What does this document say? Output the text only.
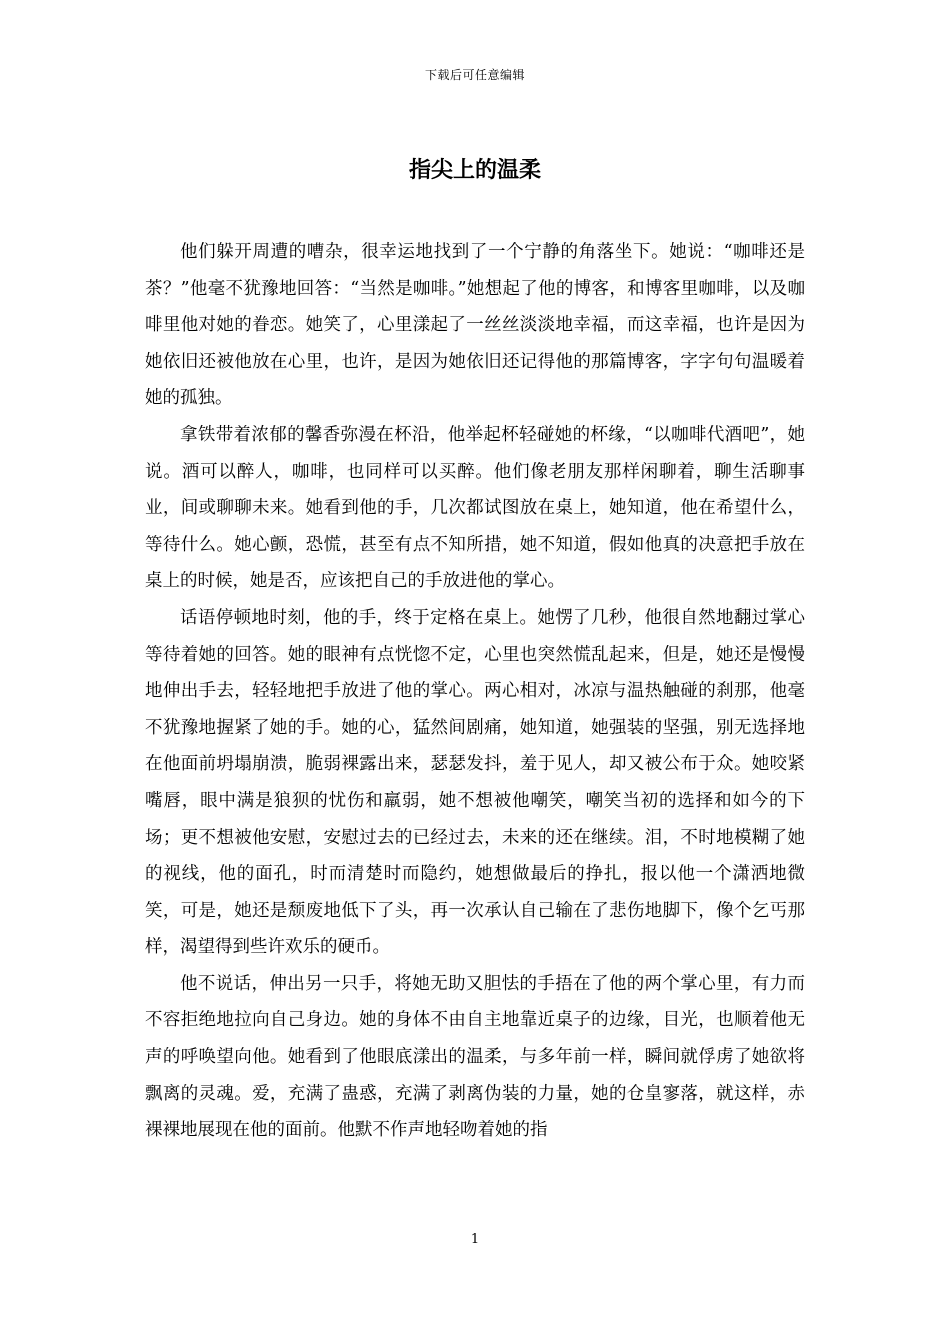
下载后可任意编辑
指尖上的温柔

他们躲开周遭的嘈杂，很幸运地找到了一个宁静的角落坐下。她说：“咖啡还是茶？”他毫不犹豫地回答：“当然是咖啡。”她想起了他的博客，和博客里咖啡，以及咖啡里他对她的眷恋。她笑了，心里漾起了一丝丝淡淡地幸福，而这幸福，也许是因为她依旧还被他放在心里，也许，是因为她依旧还记得他的那篇博客，字字句句温暖着她的孤独。

拿铁带着浓郁的馨香弥漫在杯沿，他举起杯轻碰她的杯缘，“以咖啡代酒吧”，她说。酒可以醉人，咖啡，也同样可以买醉。他们像老朋友那样闲聊着，聊生活聊事业，间或聊聊未来。她看到他的手，几次都试图放在桌上，她知道，他在希望什么，等待什么。她心颤，恐慌，甚至有点不知所措，她不知道，假如他真的决意把手放在桌上的时候，她是否，应该把自己的手放进他的掌心。

话语停顿地时刻，他的手，终于定格在桌上。她愣了几秒，他很自然地翻过掌心等待着她的回答。她的眼神有点恍惚不定，心里也突然慌乱起来，但是，她还是慢慢地伸出手去，轻轻地把手放进了他的掌心。两心相对，冰凉与温热触碰的刹那，他毫不犹豫地握紧了她的手。她的心，猛然间剧痛，她知道，她强装的坚强，别无选择地在他面前坍塌崩溃，脆弱裸露出来，瑟瑟发抖，羞于见人，却又被公布于众。她咬紧嘴唇，眼中满是狼狈的忧伤和羸弱，她不想被他嘲笑，嘲笑当初的选择和如今的下场；更不想被他安慰，安慰过去的已经过去，未来的还在继续。泪，不时地模糊了她的视线，他的面孔，时而清楚时而隐约，她想做最后的挣扎，报以他一个潇洒地微笑，可是，她还是颓废地低下了头，再一次承认自己输在了悲伤地脚下，像个乞丐那样，渴望得到些许欢乐的硬币。

他不说话，伸出另一只手，将她无助又胆怯的手捂在了他的两个掌心里，有力而不容拒绝地拉向自己身边。她的身体不由自主地靠近桌子的边缘，目光，也顺着他无声的呼唤望向他。她看到了他眼底漾出的温柔，与多年前一样，瞬间就俘虏了她欲将飘离的灵魂。爱，充满了蛊惑，充满了剥离伪装的力量，她的仓皇寥落，就这样，赤裸裸地展现在他的面前。他默不作声地轻吻着她的指

1
